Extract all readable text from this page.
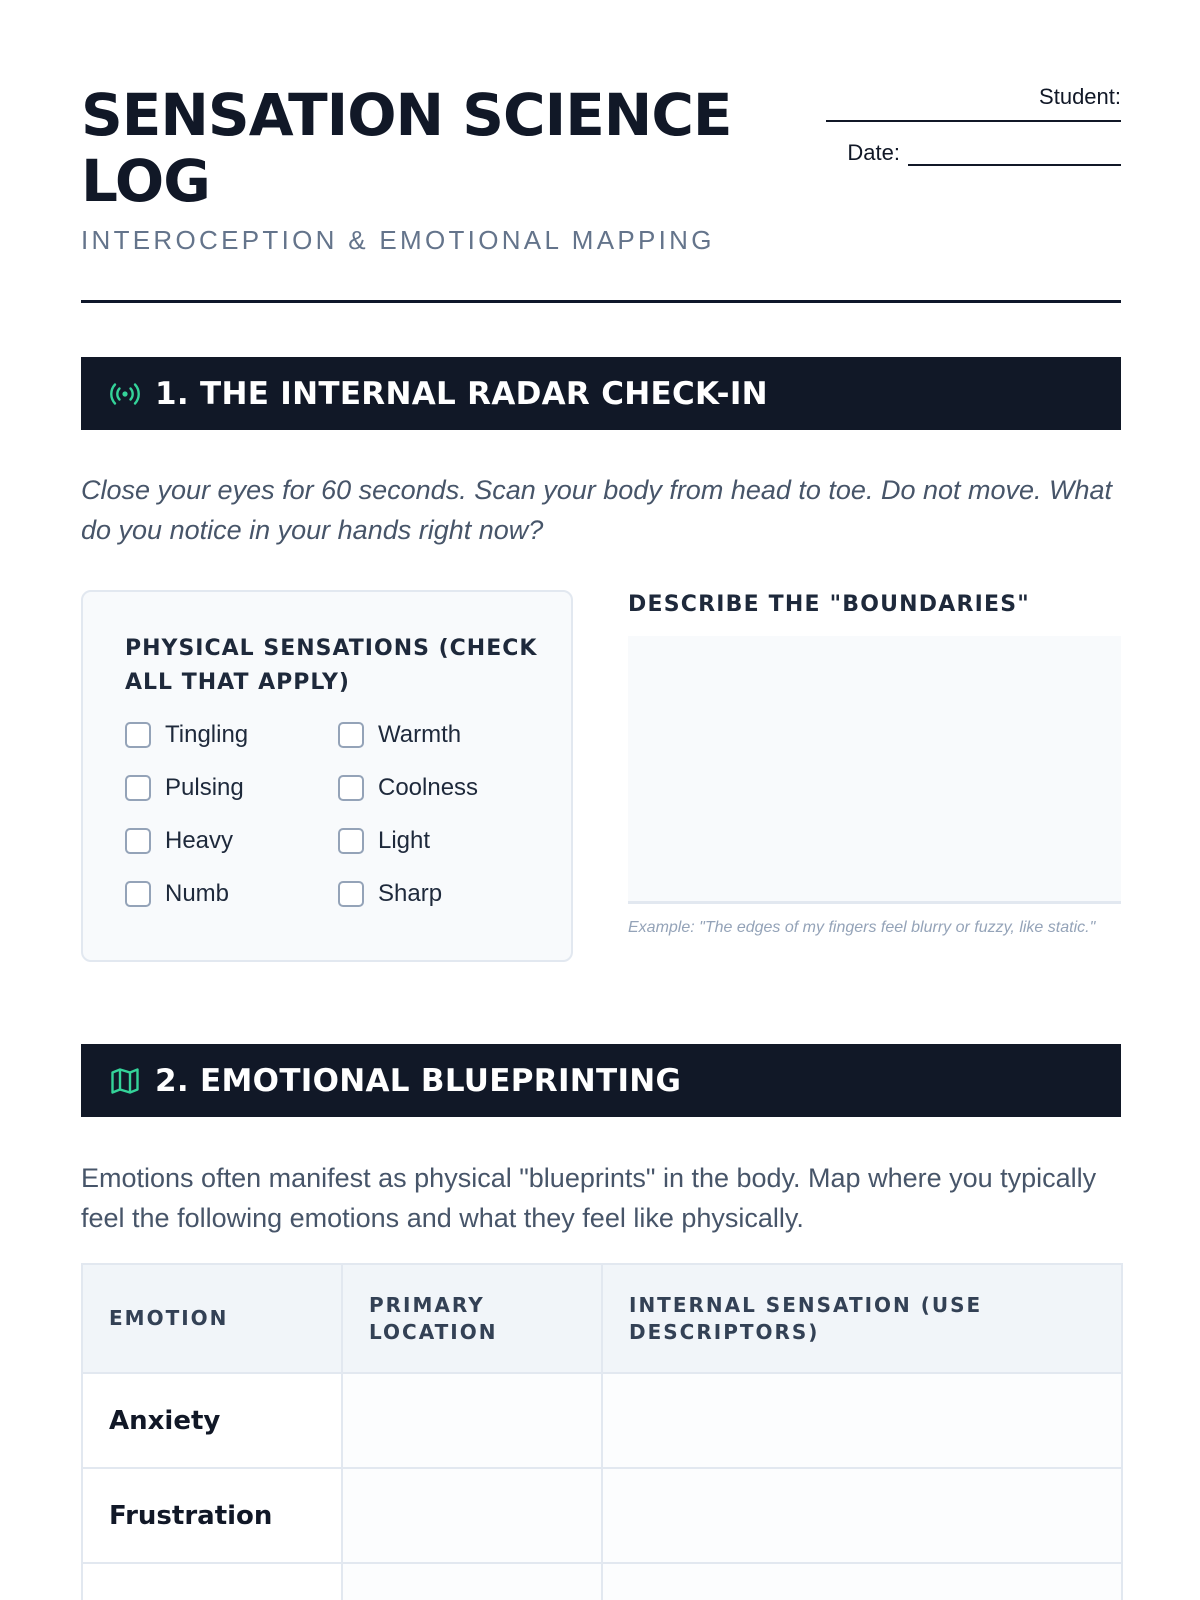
SENSATION SCIENCE LOG
INTEROCEPTION & EMOTIONAL MAPPING
Student:
Date:
1. THE INTERNAL RADAR CHECK-IN

Close your eyes for 60 seconds. Scan your body from head to toe. Do not move. What do you notice in your hands right now?

PHYSICAL SENSATIONS (CHECK ALL THAT APPLY)
Tingling	Warmth
Pulsing	Coolness
Heavy	Light
Numb	Sharp
DESCRIBE THE "BOUNDARIES"
Example: "The edges of my fingers feel blurry or fuzzy, like static."
2. EMOTIONAL BLUEPRINTING

Emotions often manifest as physical "blueprints" in the body. Map where you typically feel the following emotions and what they feel like physically.

EMOTION	PRIMARY LOCATION	INTERNAL SENSATION (USE DESCRIPTORS)
Anxiety		
Frustration		
